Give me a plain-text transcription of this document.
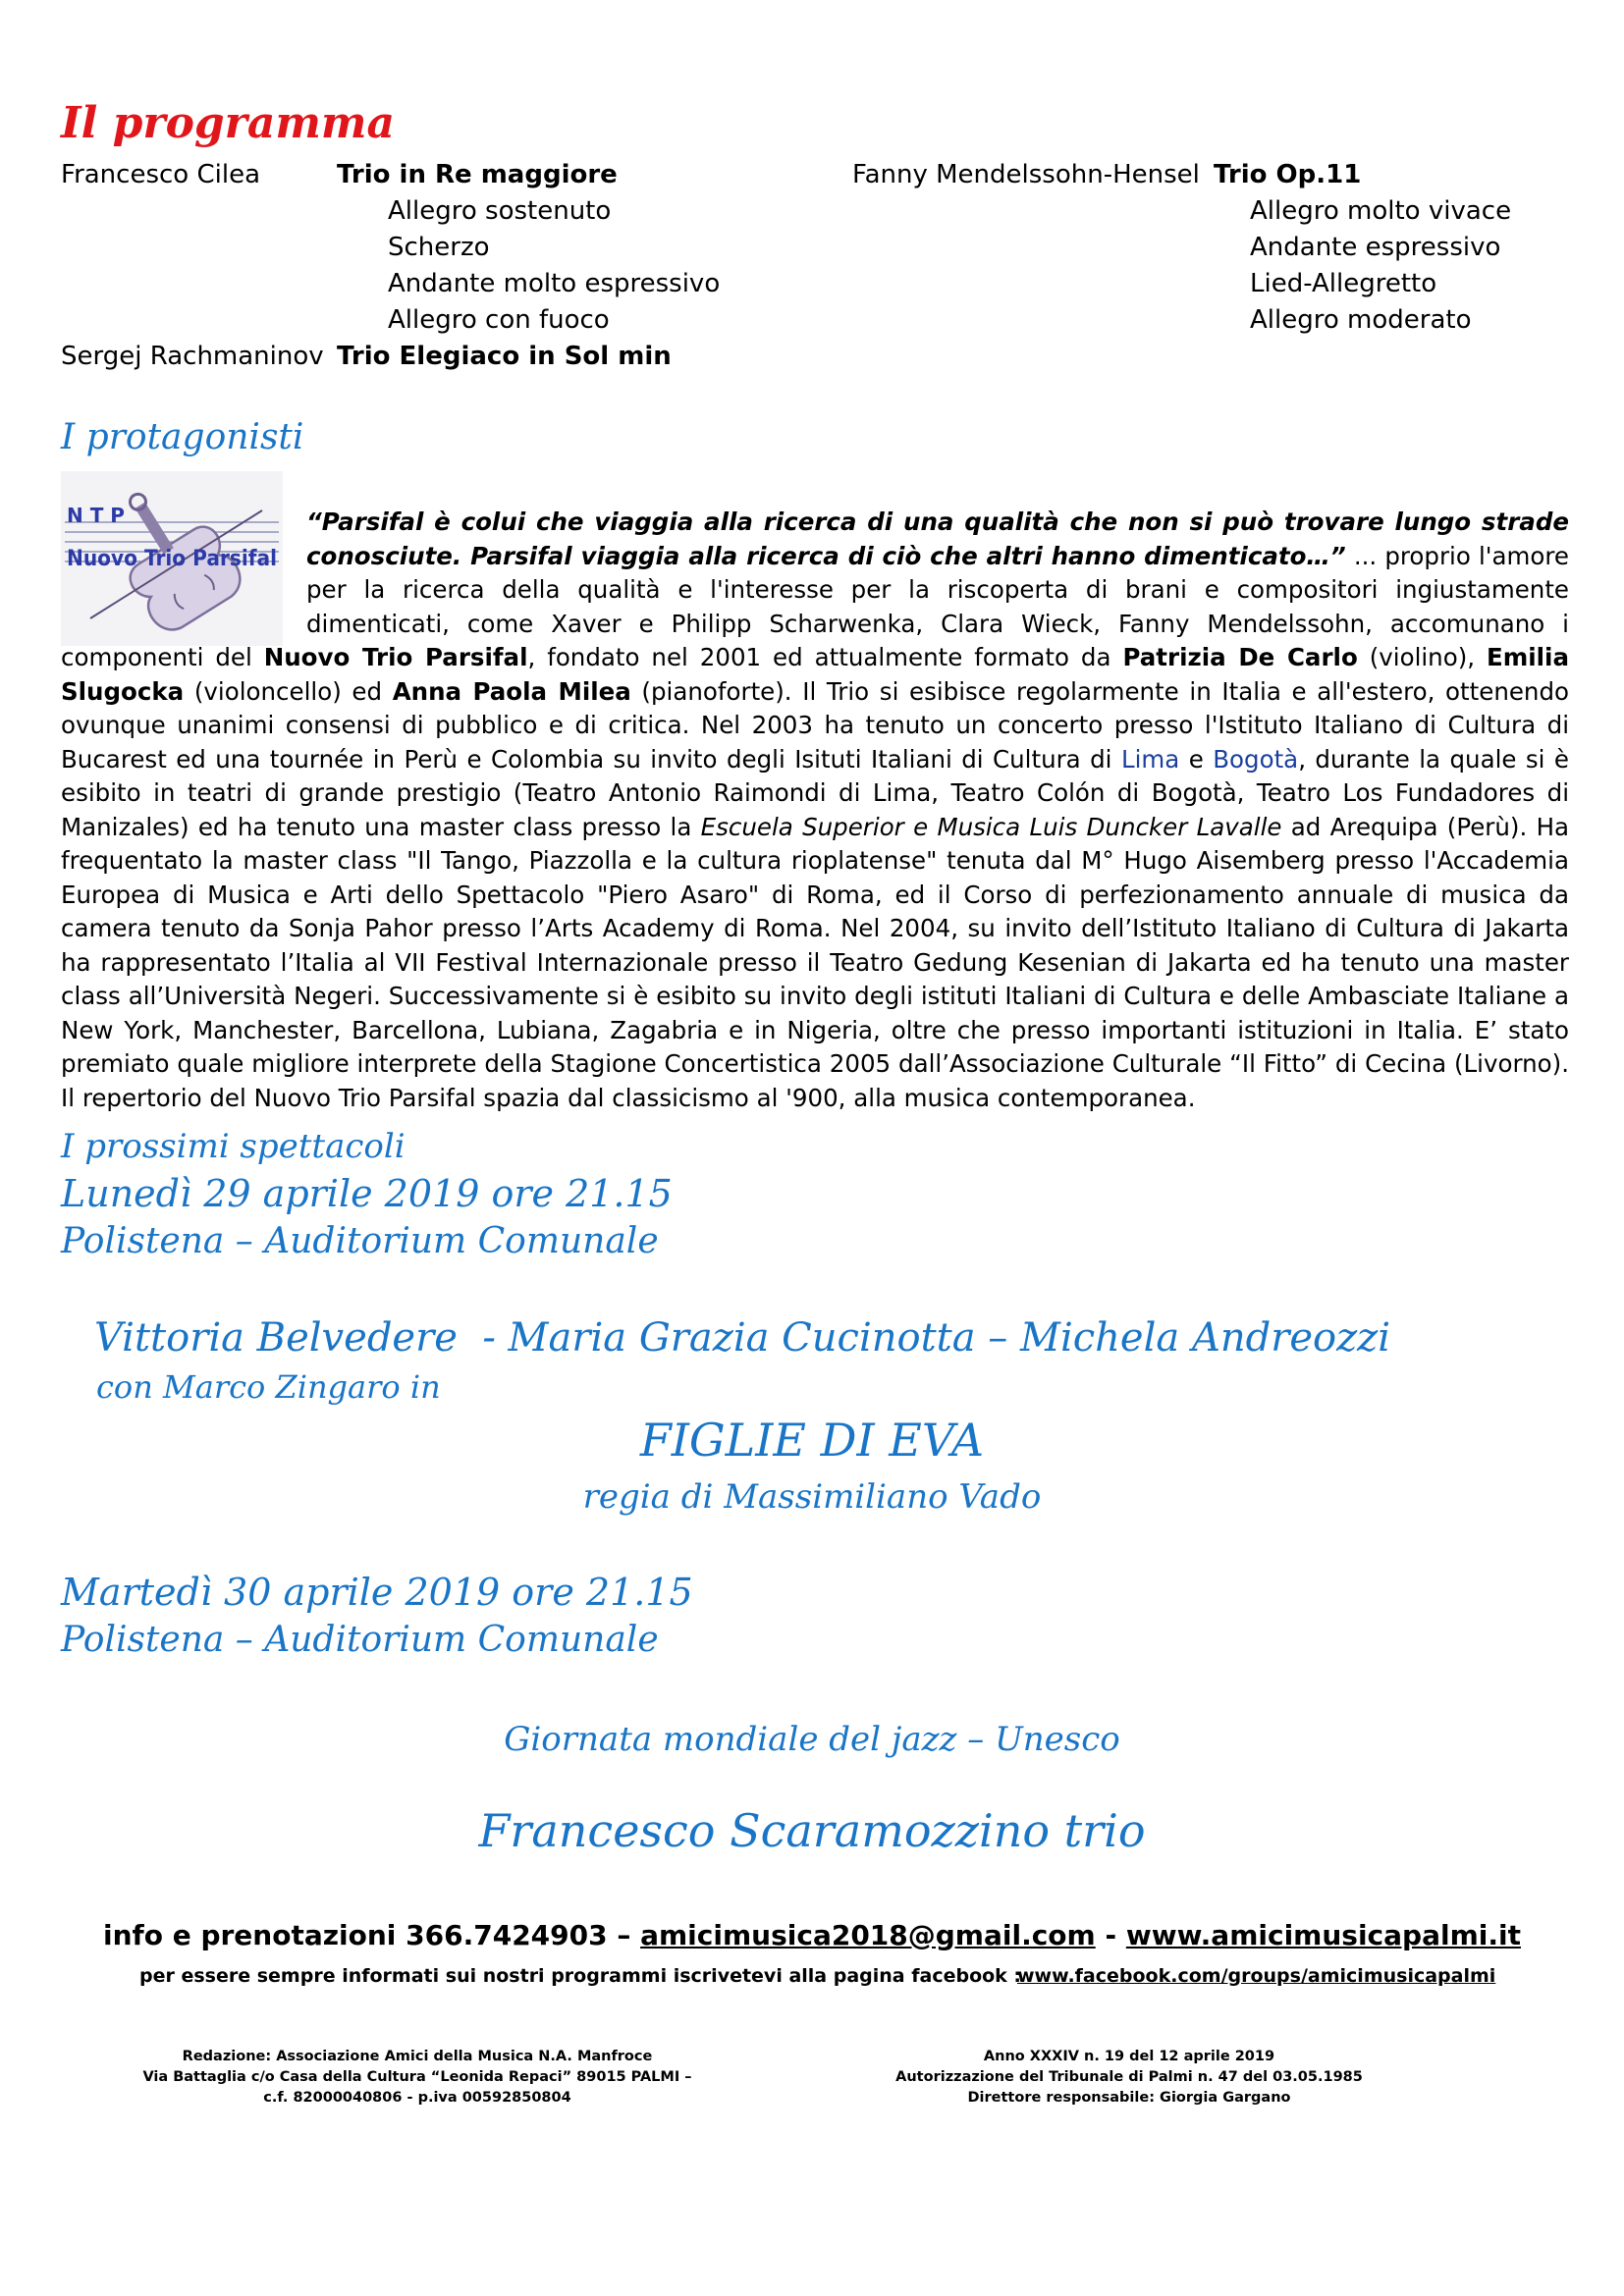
Il programma
Francesco Cilea	Trio in Re maggiore
Allegro sostenuto
Scherzo
Andante molto espressivo
Allegro con fuoco
Sergej Rachmaninov Trio Elegiaco in Sol min
Fanny Mendelssohn-Hensel Trio Op.11
Allegro molto vivace
Andante espressivo
Lied-Allegretto
Allegro moderato
I protagonisti
N T P
Nuovo Trio Parsifal
“Parsifal è colui che viaggia alla ricerca di una qualità che non si può trovare lungo strade conosciute. Parsifal viaggia alla ricerca di ciò che altri hanno dimenticato…” ... proprio l'amore per la ricerca della qualità e l'interesse per la riscoperta di brani e compositori ingiustamente dimenticati, come Xaver e Philipp Scharwenka, Clara Wieck, Fanny Mendelssohn, accomunano i componenti del Nuovo Trio Parsifal, fondato nel 2001 ed attualmente formato da Patrizia De Carlo (violino), Emilia Slugocka (violoncello) ed Anna Paola Milea (pianoforte). Il Trio si esibisce regolarmente in Italia e all'estero, ottenendo ovunque unanimi consensi di pubblico e di critica. Nel 2003 ha tenuto un concerto presso l'Istituto Italiano di Cultura di Bucarest ed una tournée in Perù e Colombia su invito degli Isituti Italiani di Cultura di Lima e Bogotà, durante la quale si è esibito in teatri di grande prestigio (Teatro Antonio Raimondi di Lima, Teatro Colón di Bogotà, Teatro Los Fundadores di Manizales) ed ha tenuto una master class presso la Escuela Superior e Musica Luis Duncker Lavalle ad Arequipa (Perù). Ha frequentato la master class "Il Tango, Piazzolla e la cultura rioplatense" tenuta dal M° Hugo Aisemberg presso l'Accademia Europea di Musica e Arti dello Spettacolo "Piero Asaro" di Roma, ed il Corso di perfezionamento annuale di musica da camera tenuto da Sonja Pahor presso l’Arts Academy di Roma. Nel 2004, su invito dell’Istituto Italiano di Cultura di Jakarta ha rappresentato l’Italia al VII Festival Internazionale presso il Teatro Gedung Kesenian di Jakarta ed ha tenuto una master class all’Università Negeri. Successivamente si è esibito su invito degli istituti Italiani di Cultura e delle Ambasciate Italiane a New York, Manchester, Barcellona, Lubiana, Zagabria e in Nigeria, oltre che presso importanti istituzioni in Italia. E’ stato premiato quale migliore interprete della Stagione Concertistica 2005 dall’Associazione Culturale “Il Fitto” di Cecina (Livorno). Il repertorio del Nuovo Trio Parsifal spazia dal classicismo al '900, alla musica contemporanea.
I prossimi spettacoli
Lunedì 29 aprile 2019 ore 21.15
Polistena – Auditorium Comunale
Vittoria Belvedere  - Maria Grazia Cucinotta – Michela Andreozzi
con Marco Zingaro in
FIGLIE DI EVA
regia di Massimiliano Vado
Martedì 30 aprile 2019 ore 21.15
Polistena – Auditorium Comunale
Giornata mondiale del jazz – Unesco
Francesco Scaramozzino trio
info e prenotazioni 366.7424903 – amicimusica2018@gmail.com - www.amicimusicapalmi.it
per essere sempre informati sui nostri programmi iscrivetevi alla pagina facebook :
www.facebook.com/groups/amicimusicapalmi
Redazione: Associazione Amici della Musica N.A. Manfroce
Via Battaglia c/o Casa della Cultura “Leonida Repaci” 89015 PALMI –
c.f. 82000040806 - p.iva 00592850804
Anno XXXIV n. 19 del 12 aprile 2019
Autorizzazione del Tribunale di Palmi n. 47 del 03.05.1985
Direttore responsabile: Giorgia Gargano
